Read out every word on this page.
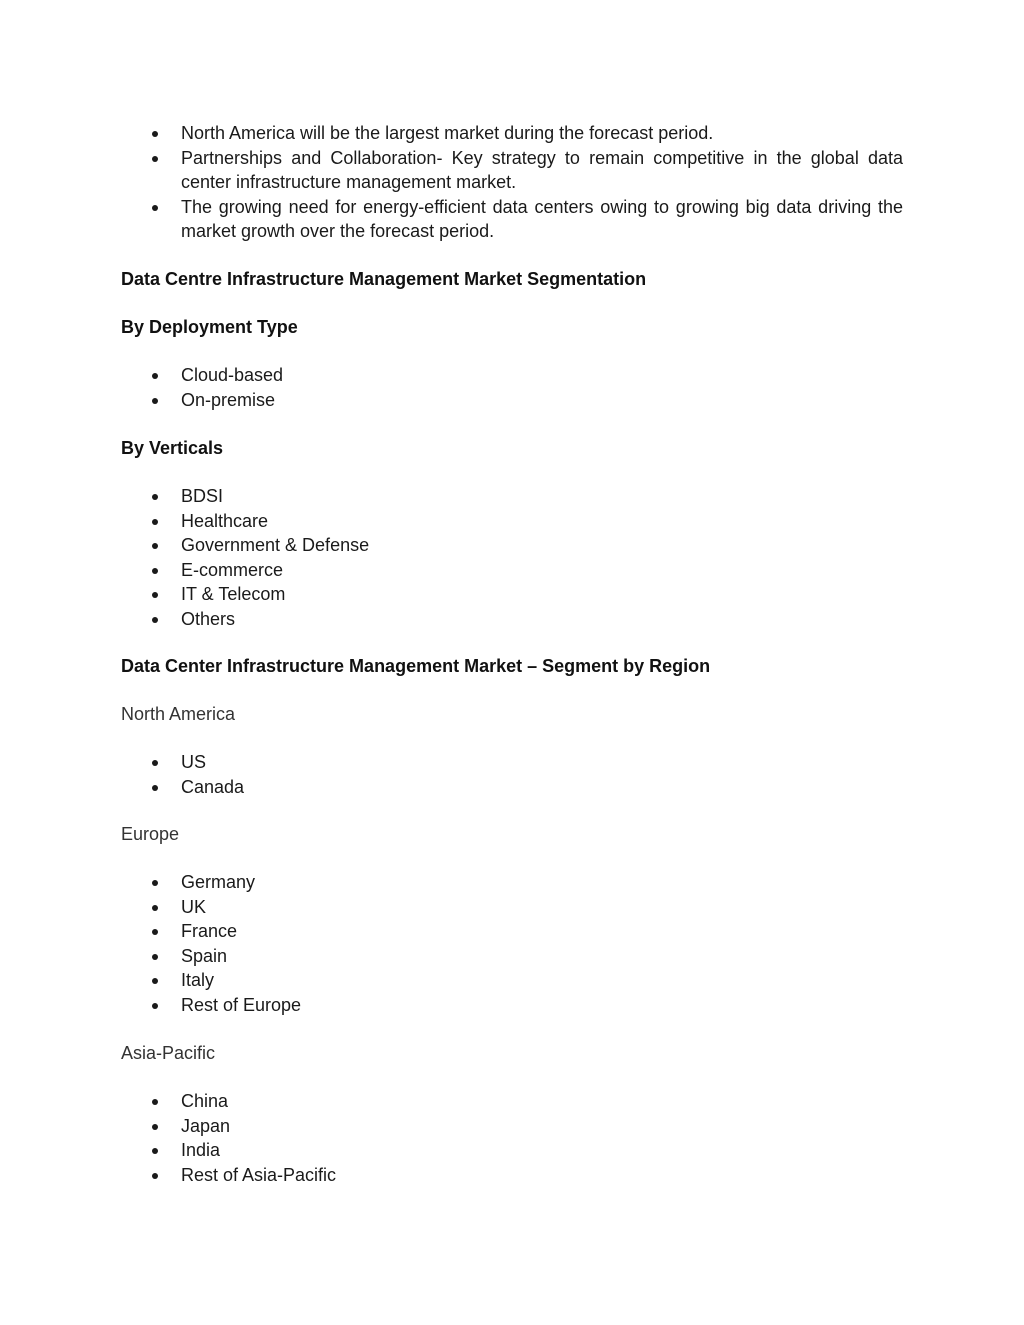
North America will be the largest market during the forecast period.
Partnerships and Collaboration- Key strategy to remain competitive in the global data center infrastructure management market.
The growing need for energy-efficient data centers owing to growing big data driving the market growth over the forecast period.
Data Centre Infrastructure Management Market Segmentation
By Deployment Type
Cloud-based
On-premise
By Verticals
BDSI
Healthcare
Government & Defense
E-commerce
IT & Telecom
Others
Data Center Infrastructure Management Market – Segment by Region
North America
US
Canada
Europe
Germany
UK
France
Spain
Italy
Rest of Europe
Asia-Pacific
China
Japan
India
Rest of Asia-Pacific
